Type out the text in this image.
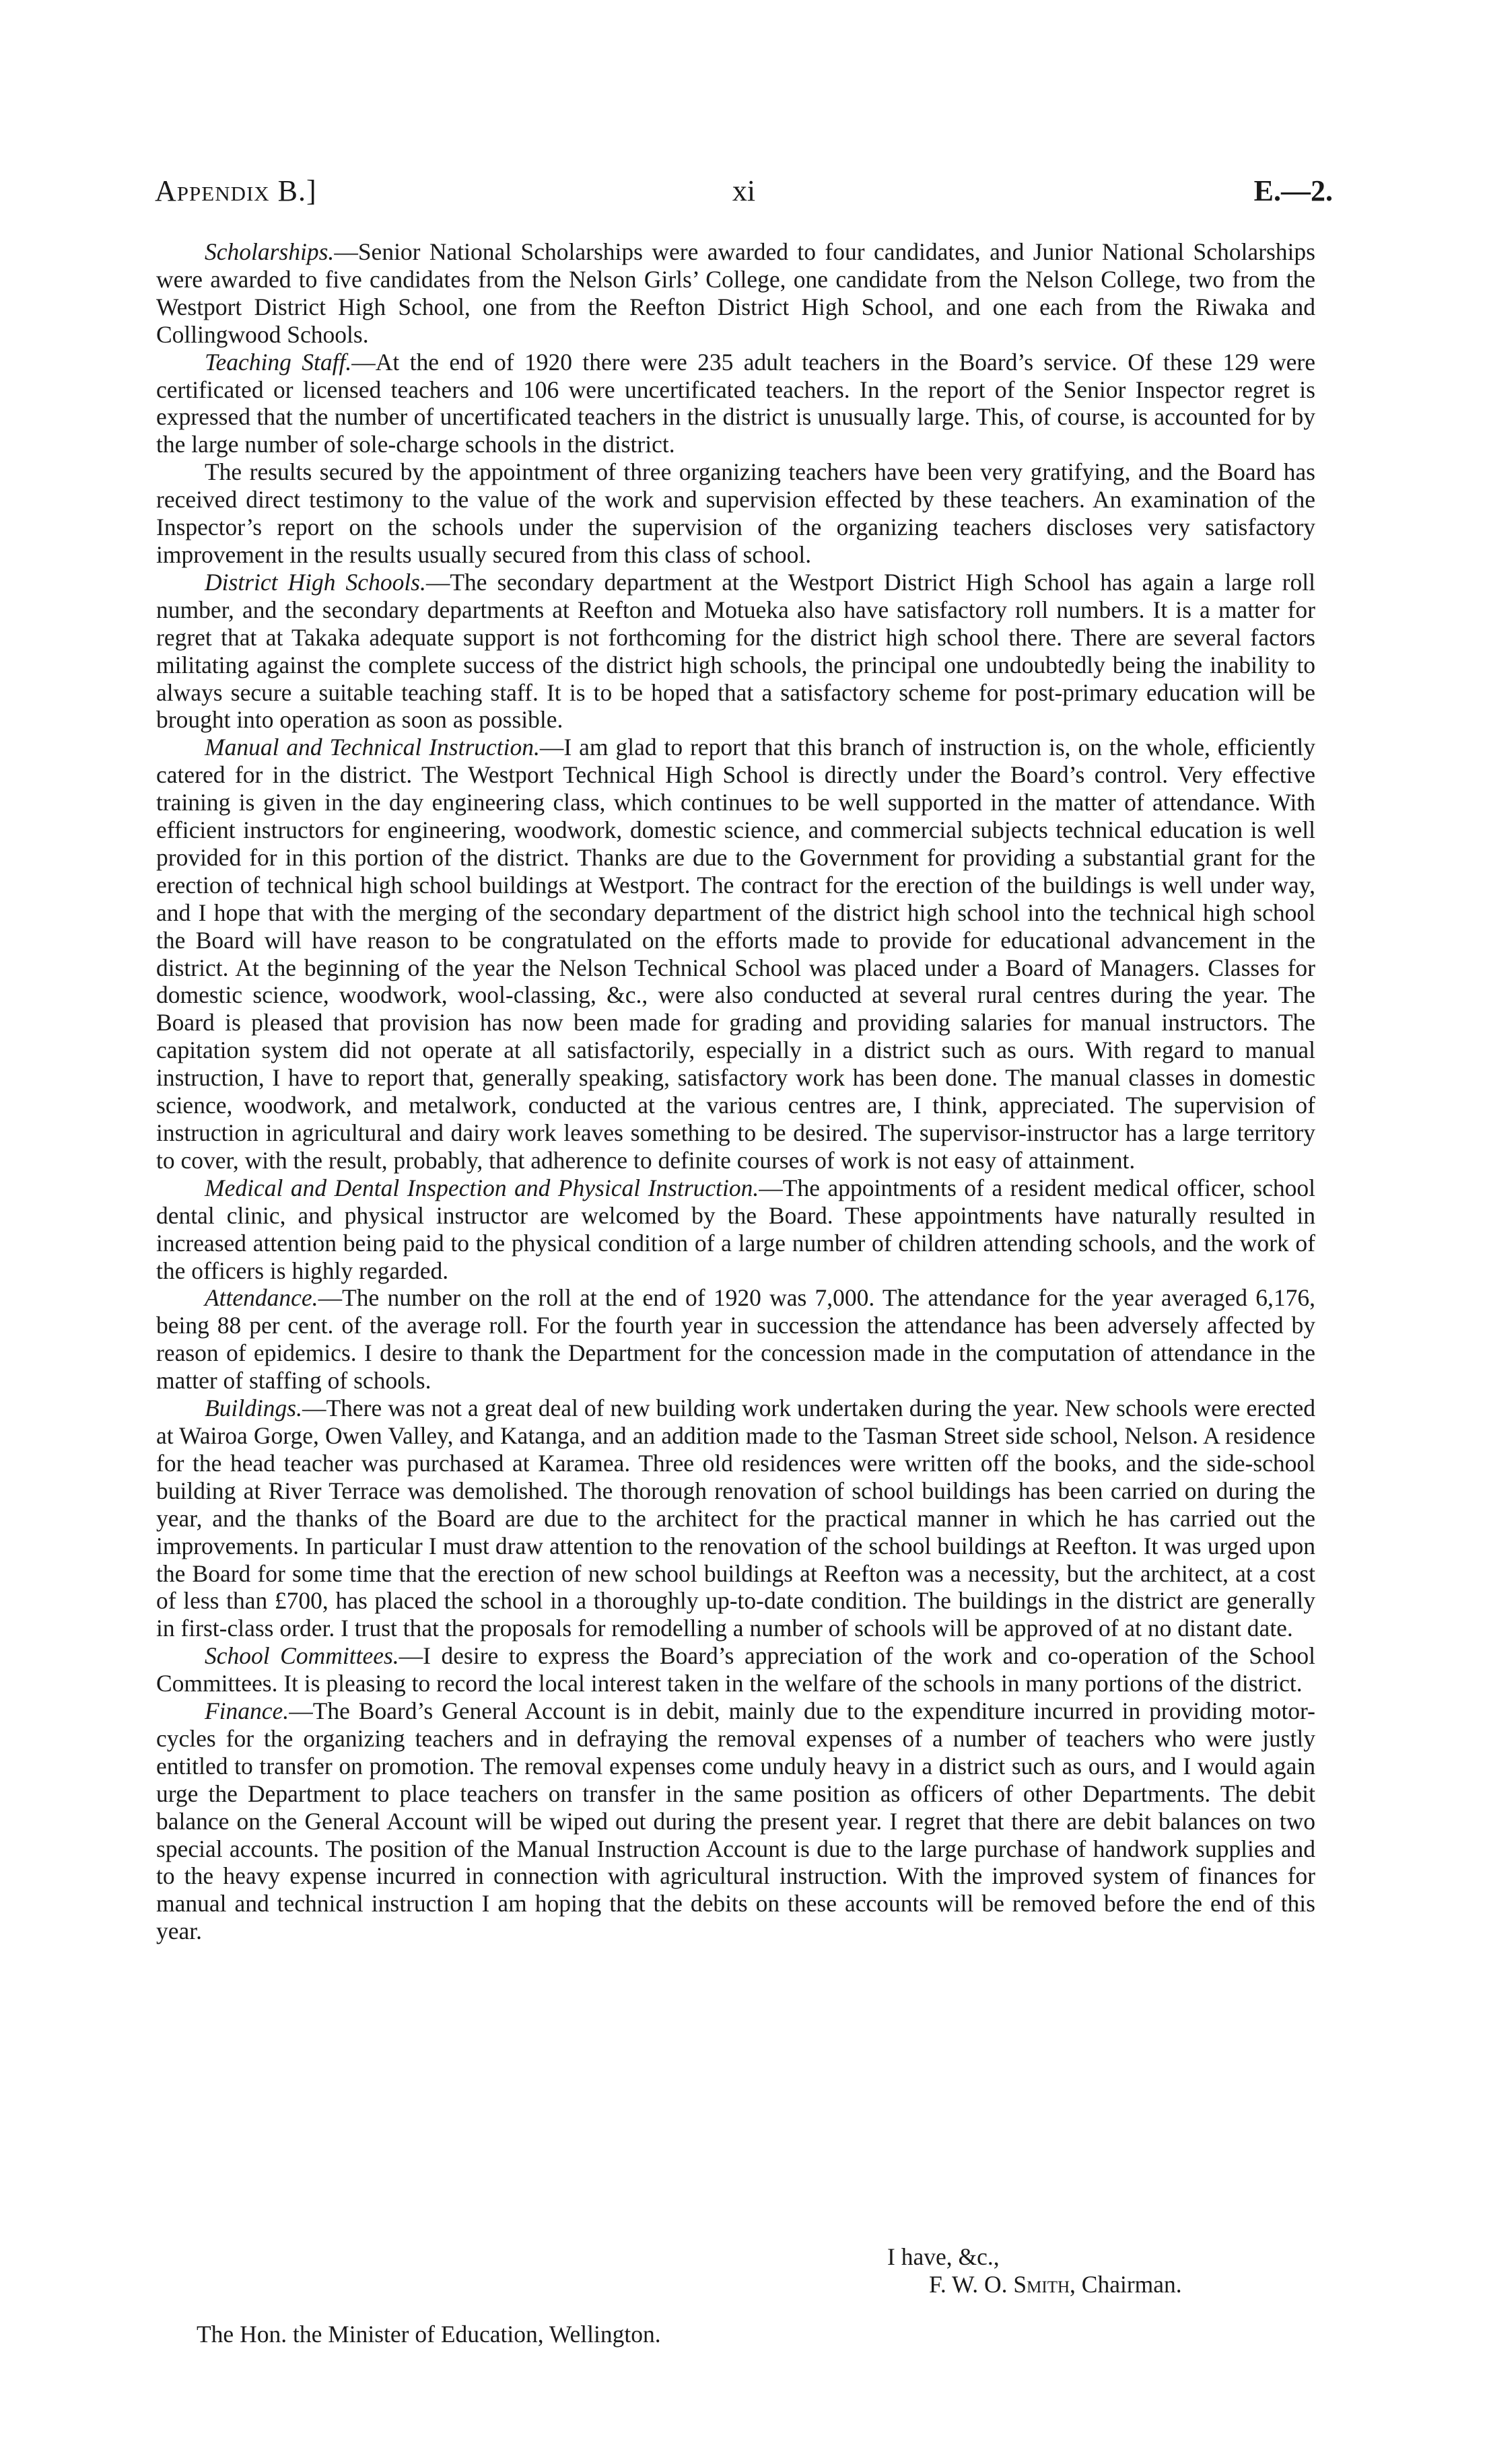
Appendix B.]	xi	E.—2.

Scholarships.—Senior National Scholarships were awarded to four candidates, and Junior National Scholarships were awarded to five candidates from the Nelson Girls’ College, one candidate from the Nelson College, two from the Westport District High School, one from the Reefton District High School, and one each from the Riwaka and Collingwood Schools.

Teaching Staff.—At the end of 1920 there were 235 adult teachers in the Board’s service. Of these 129 were certificated or licensed teachers and 106 were uncertificated teachers. In the report of the Senior Inspector regret is expressed that the number of uncertificated teachers in the district is unusually large. This, of course, is accounted for by the large number of sole-charge schools in the district.

The results secured by the appointment of three organizing teachers have been very gratifying, and the Board has received direct testimony to the value of the work and supervision effected by these teachers. An examination of the Inspector’s report on the schools under the supervision of the organizing teachers discloses very satisfactory improvement in the results usually secured from this class of school.

District High Schools.—The secondary department at the Westport District High School has again a large roll number, and the secondary departments at Reefton and Motueka also have satisfactory roll numbers. It is a matter for regret that at Takaka adequate support is not forthcoming for the district high school there. There are several factors militating against the complete success of the district high schools, the principal one undoubtedly being the inability to always secure a suitable teaching staff. It is to be hoped that a satisfactory scheme for post-primary education will be brought into operation as soon as possible.

Manual and Technical Instruction.—I am glad to report that this branch of instruction is, on the whole, efficiently catered for in the district. The Westport Technical High School is directly under the Board’s control. Very effective training is given in the day engineering class, which continues to be well supported in the matter of attendance. With efficient instructors for engineering, woodwork, domestic science, and commercial subjects technical education is well provided for in this portion of the district. Thanks are due to the Government for providing a substantial grant for the erection of technical high school buildings at Westport. The contract for the erection of the buildings is well under way, and I hope that with the merging of the secondary department of the district high school into the technical high school the Board will have reason to be congratulated on the efforts made to provide for educational advancement in the district. At the beginning of the year the Nelson Technical School was placed under a Board of Managers. Classes for domestic science, woodwork, wool-classing, &c., were also conducted at several rural centres during the year. The Board is pleased that provision has now been made for grading and providing salaries for manual instructors. The capitation system did not operate at all satisfactorily, especially in a district such as ours. With regard to manual instruction, I have to report that, generally speaking, satisfactory work has been done. The manual classes in domestic science, woodwork, and metalwork, conducted at the various centres are, I think, appreciated. The supervision of instruction in agricultural and dairy work leaves something to be desired. The supervisor-instructor has a large territory to cover, with the result, probably, that adherence to definite courses of work is not easy of attainment.

Medical and Dental Inspection and Physical Instruction.—The appointments of a resident medical officer, school dental clinic, and physical instructor are welcomed by the Board. These appointments have naturally resulted in increased attention being paid to the physical condition of a large number of children attending schools, and the work of the officers is highly regarded.

Attendance.—The number on the roll at the end of 1920 was 7,000. The attendance for the year averaged 6,176, being 88 per cent. of the average roll. For the fourth year in succession the attendance has been adversely affected by reason of epidemics. I desire to thank the Department for the concession made in the computation of attendance in the matter of staffing of schools.

Buildings.—There was not a great deal of new building work undertaken during the year. New schools were erected at Wairoa Gorge, Owen Valley, and Katanga, and an addition made to the Tasman Street side school, Nelson. A residence for the head teacher was purchased at Karamea. Three old residences were written off the books, and the side-school building at River Terrace was demolished. The thorough renovation of school buildings has been carried on during the year, and the thanks of the Board are due to the architect for the practical manner in which he has carried out the improvements. In particular I must draw attention to the renovation of the school buildings at Reefton. It was urged upon the Board for some time that the erection of new school buildings at Reefton was a necessity, but the architect, at a cost of less than £700, has placed the school in a thoroughly up-to-date condition. The buildings in the district are generally in first-class order. I trust that the proposals for remodelling a number of schools will be approved of at no distant date.

School Committees.—I desire to express the Board’s appreciation of the work and co-operation of the School Committees. It is pleasing to record the local interest taken in the welfare of the schools in many portions of the district.

Finance.—The Board’s General Account is in debit, mainly due to the expenditure incurred in providing motor-cycles for the organizing teachers and in defraying the removal expenses of a number of teachers who were justly entitled to transfer on promotion. The removal expenses come unduly heavy in a district such as ours, and I would again urge the Department to place teachers on transfer in the same position as officers of other Departments. The debit balance on the General Account will be wiped out during the present year. I regret that there are debit balances on two special accounts. The position of the Manual Instruction Account is due to the large purchase of handwork supplies and to the heavy expense incurred in connection with agricultural instruction. With the improved system of finances for manual and technical instruction I am hoping that the debits on these accounts will be removed before the end of this year.

I have, &c.,
F. W. O. Smith, Chairman.
The Hon. the Minister of Education, Wellington.
